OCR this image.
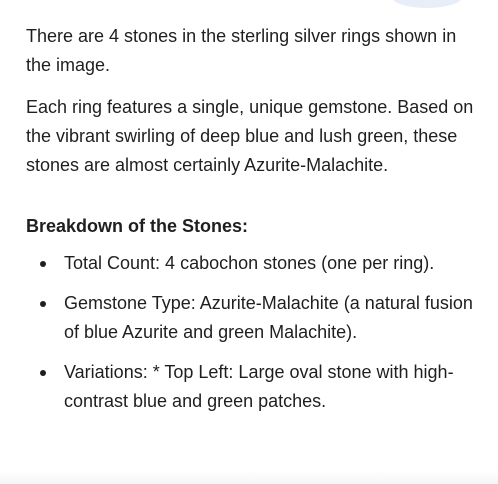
There are 4 stones in the sterling silver rings shown in the image.

Each ring features a single, unique gemstone. Based on the vibrant swirling of deep blue and lush green, these stones are almost certainly Azurite-Malachite.

Breakdown of the Stones:
Total Count: 4 cabochon stones (one per ring).
Gemstone Type: Azurite-Malachite (a natural fusion of blue Azurite and green Malachite).
Variations: * Top Left: Large oval stone with high-contrast blue and green patches.
